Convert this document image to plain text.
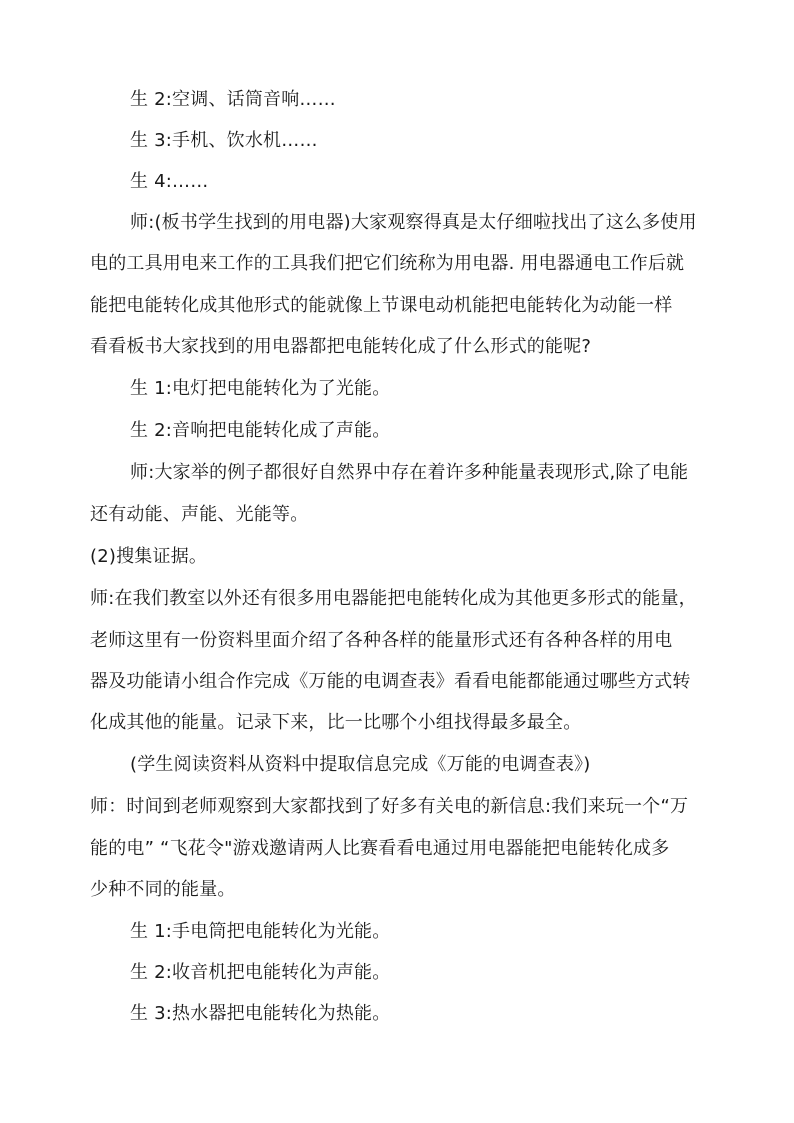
生 2:空调、话筒音响……
生 3:手机、饮水机……
生 4:……
师:(板书学生找到的用电器)大家观察得真是太仔细啦找出了这么多使用
电的工具用电来工作的工具我们把它们统称为用电器. 用电器通电工作后就
能把电能转化成其他形式的能就像上节课电动机能把电能转化为动能一样
看看板书大家找到的用电器都把电能转化成了什么形式的能呢?
生 1:电灯把电能转化为了光能。
生 2:音响把电能转化成了声能。
师:大家举的例子都很好自然界中存在着许多种能量表现形式,除了电能
还有动能、声能、光能等。
(2)搜集证据。
师:在我们教室以外还有很多用电器能把电能转化成为其他更多形式的能量，
老师这里有一份资料里面介绍了各种各样的能量形式还有各种各样的用电
器及功能请小组合作完成《万能的电调查表》看看电能都能通过哪些方式转
化成其他的能量。记录下来，比一比哪个小组找得最多最全。
(学生阅读资料从资料中提取信息完成《万能的电调查表》)
师：时间到老师观察到大家都找到了好多有关电的新信息:我们来玩一个“万
能的电” “飞花令"游戏邀请两人比赛看看电通过用电器能把电能转化成多
少种不同的能量。
生 1:手电筒把电能转化为光能。
生 2:收音机把电能转化为声能。
生 3:热水器把电能转化为热能。
